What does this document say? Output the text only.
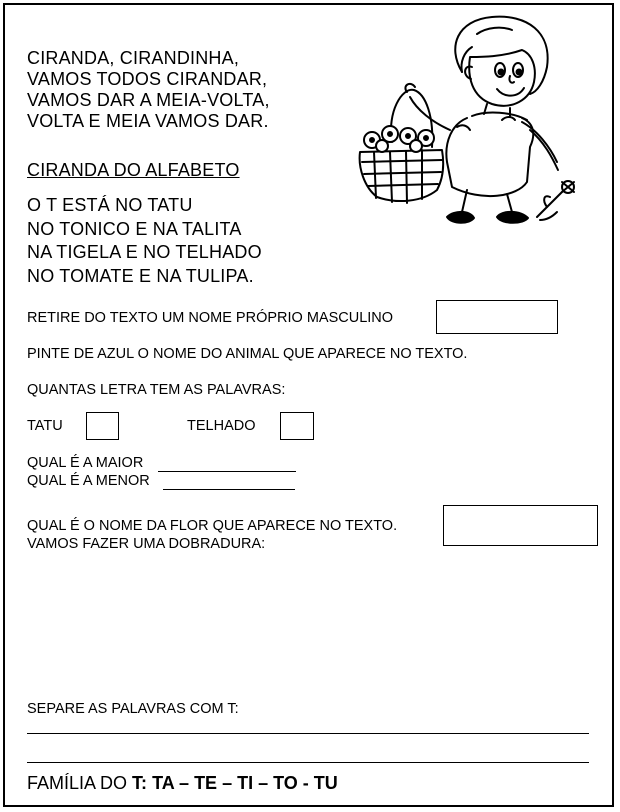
CIRANDA, CIRANDINHA,
VAMOS TODOS CIRANDAR,
VAMOS DAR A MEIA-VOLTA,
VOLTA E MEIA VAMOS DAR.
CIRANDA DO ALFABETO
O T ESTÁ NO TATU
NO TONICO E NA TALITA
NA TIGELA E NO TELHADO
NO TOMATE E NA TULIPA.
RETIRE DO TEXTO UM NOME PRÓPRIO MASCULINO
PINTE DE AZUL O NOME DO ANIMAL QUE APARECE NO TEXTO.
QUANTAS LETRA TEM AS PALAVRAS:
TATU	TELHADO
QUAL É A MAIOR
QUAL É A MENOR
QUAL É O NOME DA FLOR QUE APARECE NO TEXTO.
VAMOS FAZER UMA DOBRADURA:
SEPARE AS PALAVRAS COM T:
FAMÍLIA DO T: TA – TE – TI – TO - TU
